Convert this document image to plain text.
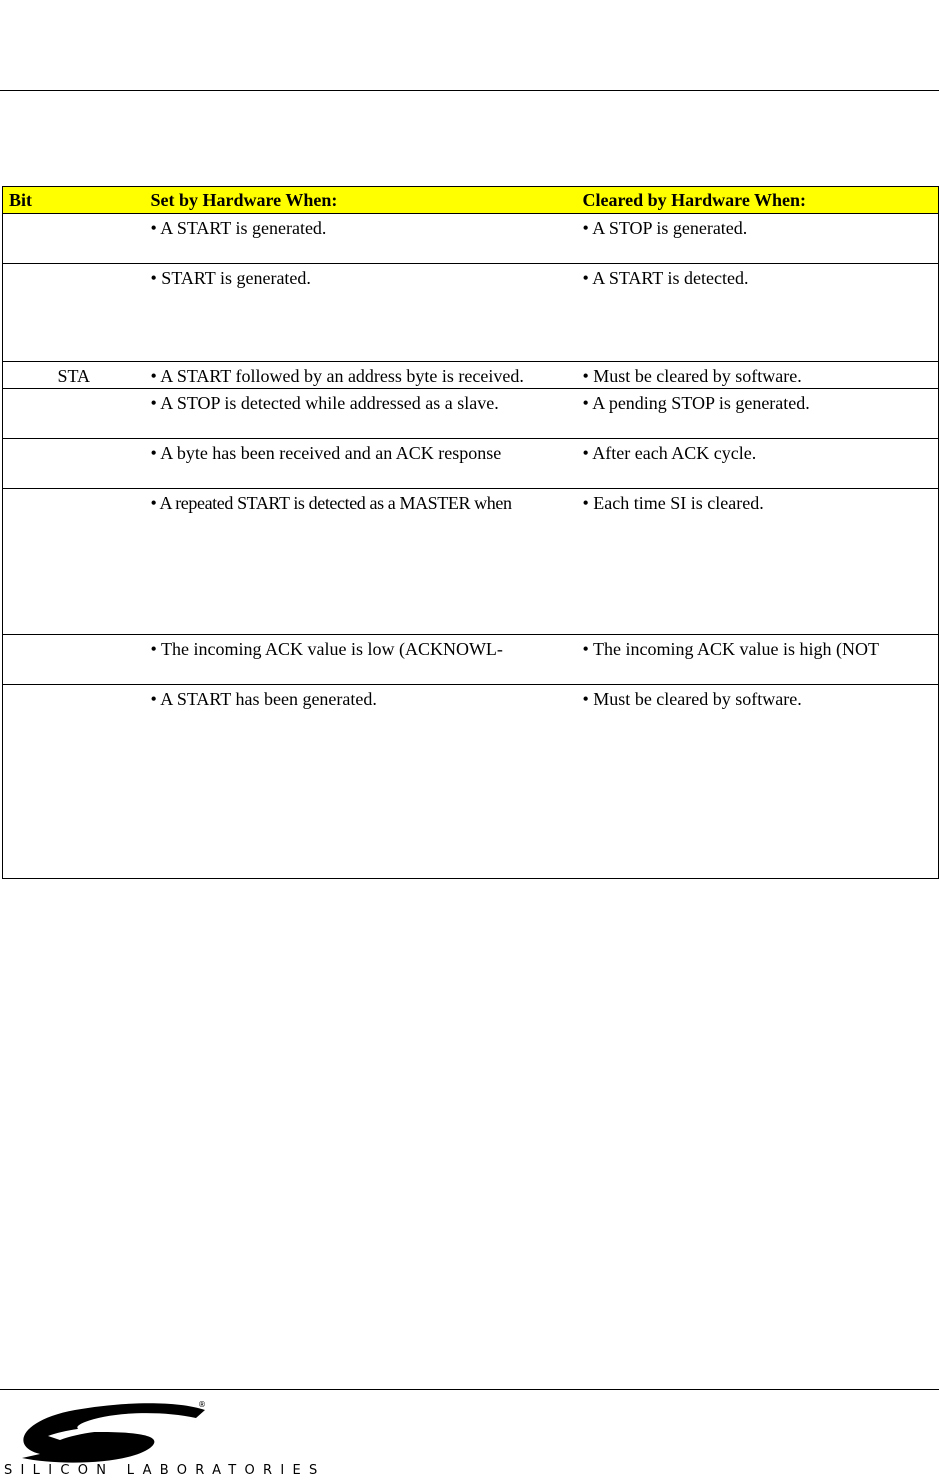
Bit	Set by Hardware When:	Cleared by Hardware When:
	• A START is generated.	• A STOP is generated.
	• START is generated.	• A START is detected.
STA	• A START followed by an address byte is received.	• Must be cleared by software.
	• A STOP is detected while addressed as a slave.	• A pending STOP is generated.
	• A byte has been received and an ACK response	• After each ACK cycle.
	• A repeated START is detected as a MASTER when	• Each time SI is cleared.
	• The incoming ACK value is low (ACKNOWL-	• The incoming ACK value is high (NOT
	• A START has been generated.	• Must be cleared by software.
®
SILICON LABORATORIES
